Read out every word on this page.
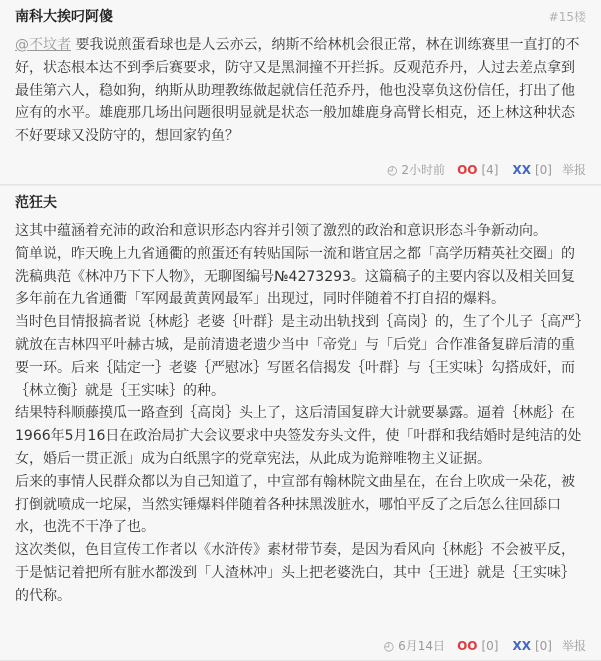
南科大挨叼阿傻	#15楼

@不坟者 要我说煎蛋看球也是人云亦云，纳斯不给林机会很正常，林在训练赛里一直打的不好，状态根本达不到季后赛要求，防守又是黑洞撞不开拦拆。反观范乔丹，人过去差点拿到最佳第六人，稳如狗，纳斯从助理教练做起就信任范乔丹，他也没辜负这份信任，打出了他应有的水平。雄鹿那几场出问题很明显就是状态一般加雄鹿身高臂长相克，还上林这种状态不好要球又没防守的，想回家钓鱼？

◴ 2小时前 OO [4] XX [0] 举报
范狂夫

这其中蕴涵着充沛的政治和意识形态内容并引领了激烈的政治和意识形态斗争新动向。

简单说，昨天晚上九省通衢的煎蛋还有转贴国际一流和谐宜居之都「高学历精英社交圈」的洗稿典范《林冲乃下下人物》，无聊图编号№4273293。这篇稿子的主要内容以及相关回复多年前在九省通衢「军网最黄黄网最军」出现过，同时伴随着不打自招的爆料。

当时色目情报搞者说｛林彪｝老婆｛叶群｝是主动出轨找到｛高岗｝的，生了个儿子｛高严｝就放在吉林四平叶赫古城，是前清遗老遗少当中「帝党」与「后党」合作准备复辟后清的重要一环。后来｛陆定一｝老婆｛严慰冰｝写匿名信揭发｛叶群｝与｛王实味｝勾搭成奸，而｛林立衡｝就是｛王实味｝的种。

结果特科顺藤摸瓜一路查到｛高岗｝头上了，这后清国复辟大计就要暴露。逼着｛林彪｝在1966年5月16日在政治局扩大会议要求中央签发夯头文件，使「叶群和我结婚时是纯洁的处女，婚后一贯正派」成为白纸黑字的党章宪法，从此成为诡辩唯物主义证据。

后来的事情人民群众都以为自己知道了，中宣部有翰林院文曲星在，在台上吹成一朵花，被打倒就喷成一坨屎，当然实锤爆料伴随着各种抹黑泼脏水，哪怕平反了之后怎么往回舔口水，也洗不干净了也。

这次类似，色目宣传工作者以《水浒传》素材带节奏，是因为看风向｛林彪｝不会被平反，于是惦记着把所有脏水都泼到「人渣林冲」头上把老婆洗白，其中｛王进｝就是｛王实味｝的代称。

◴ 6月14日 OO [0] XX [0] 举报
